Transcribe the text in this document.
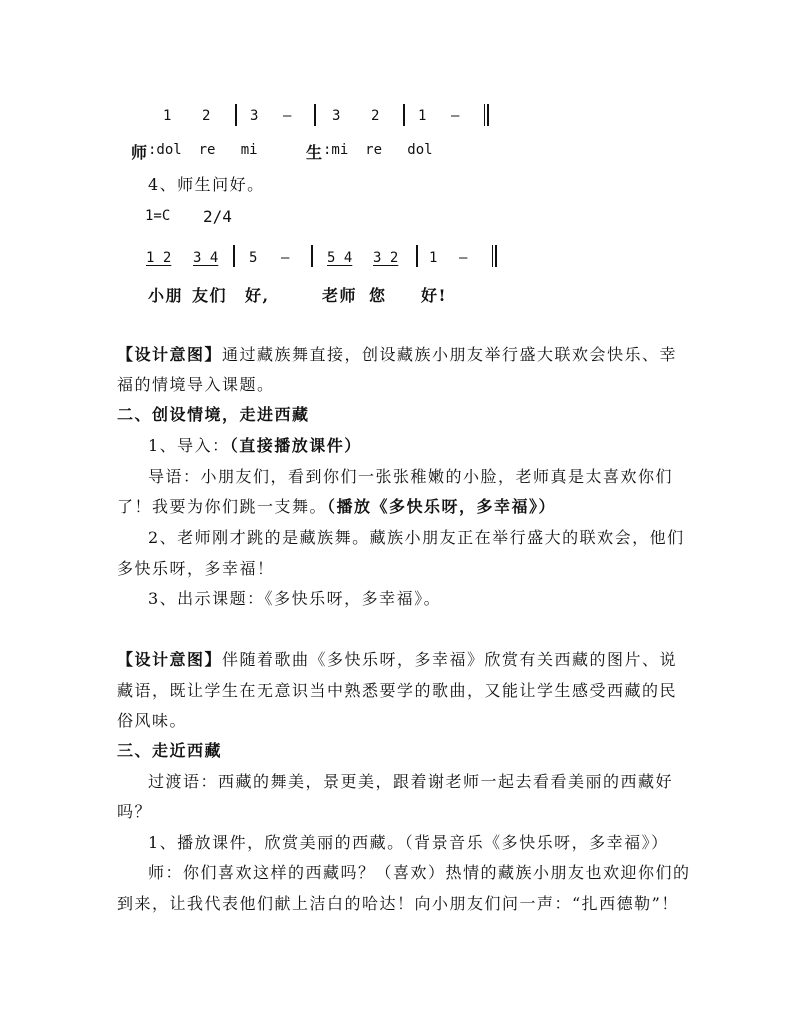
1 2	3 –	3 2	1 –
师 :dol  re   mi	生 :mi  re   dol
4、师生问好。
1=C 2/4
1 2 3 4 5 –	5 4 3 2 1 –
小朋 友们 好,	老师 您 好!
【设计意图】通过藏族舞直接，创设藏族小朋友举行盛大联欢会快乐、幸
福的情境导入课题。
二、创设情境，走进西藏
1、导入：（直接播放课件）
导语：小朋友们，看到你们一张张稚嫩的小脸，老师真是太喜欢你们
了！我要为你们跳一支舞。（播放《多快乐呀，多幸福》）
2、老师刚才跳的是藏族舞。藏族小朋友正在举行盛大的联欢会，他们
多快乐呀，多幸福！
3、出示课题：《多快乐呀，多幸福》。
【设计意图】伴随着歌曲《多快乐呀，多幸福》欣赏有关西藏的图片、说
藏语，既让学生在无意识当中熟悉要学的歌曲，又能让学生感受西藏的民
俗风味。
三、走近西藏
过渡语：西藏的舞美，景更美，跟着谢老师一起去看看美丽的西藏好
吗？
1、播放课件，欣赏美丽的西藏。（背景音乐《多快乐呀，多幸福》）
师：你们喜欢这样的西藏吗？（喜欢）热情的藏族小朋友也欢迎你们的
到来，让我代表他们献上洁白的哈达！向小朋友们问一声：“扎西德勒”！
